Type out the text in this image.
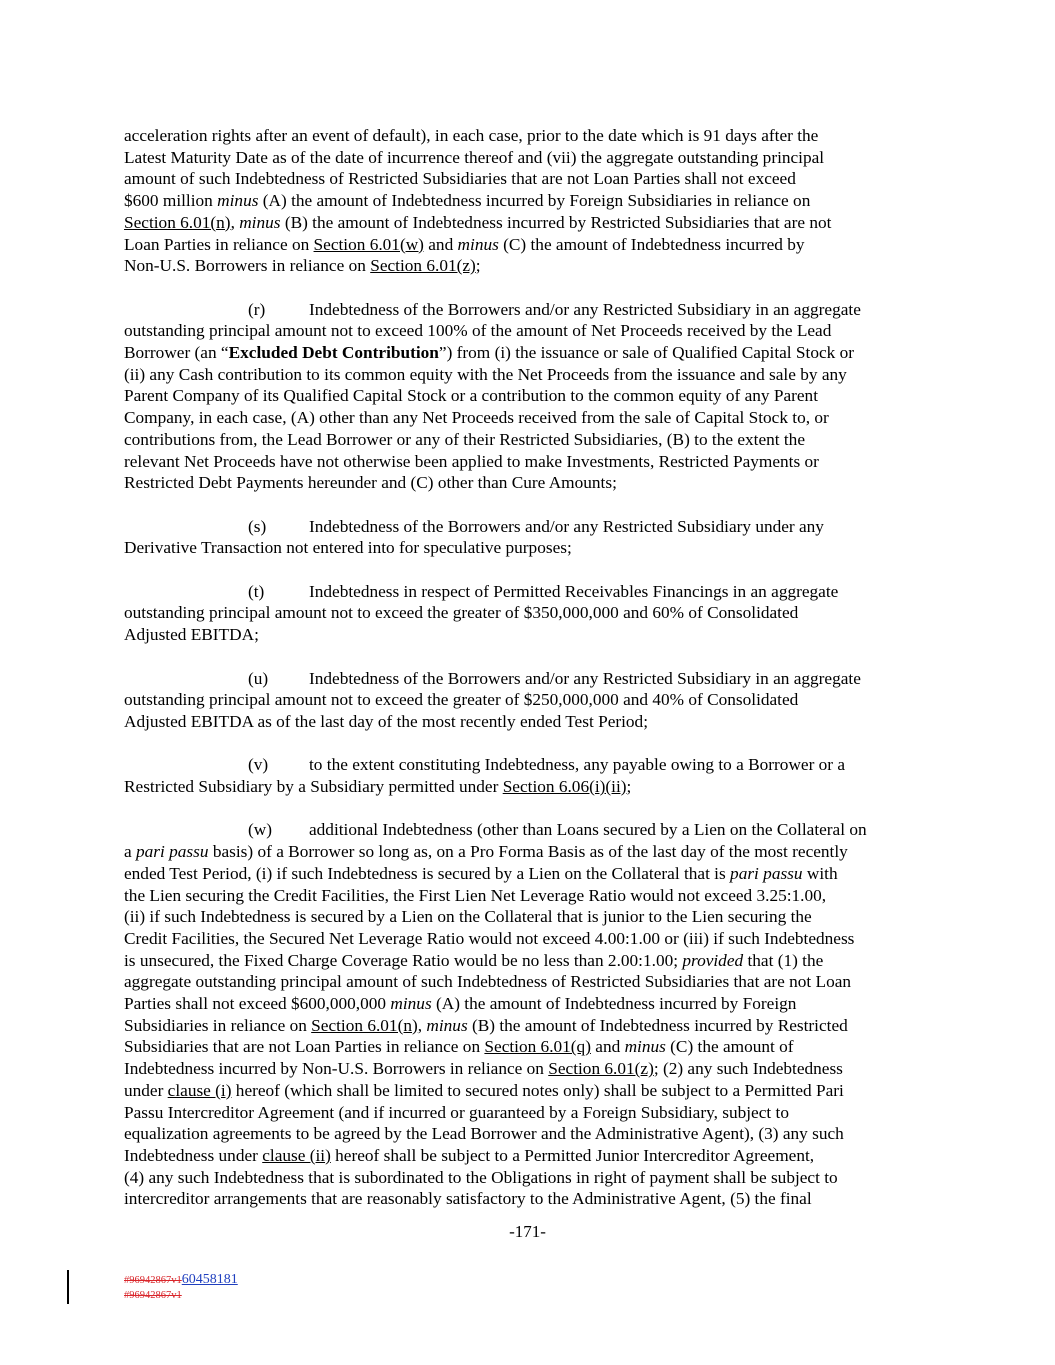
acceleration rights after an event of default), in each case, prior to the date which is 91 days after the

Latest Maturity Date as of the date of incurrence thereof and (vii) the aggregate outstanding principal

amount of such Indebtedness of Restricted Subsidiaries that are not Loan Parties shall not exceed

$600 million minus (A) the amount of Indebtedness incurred by Foreign Subsidiaries in reliance on

Section 6.01(n), minus (B) the amount of Indebtedness incurred by Restricted Subsidiaries that are not

Loan Parties in reliance on Section 6.01(w) and minus (C) the amount of Indebtedness incurred by

Non-U.S. Borrowers in reliance on Section 6.01(z);

(r)	Indebtedness of the Borrowers and/or any Restricted Subsidiary in an aggregate

outstanding principal amount not to exceed 100% of the amount of Net Proceeds received by the Lead

Borrower (an “Excluded Debt Contribution”) from (i) the issuance or sale of Qualified Capital Stock or

(ii) any Cash contribution to its common equity with the Net Proceeds from the issuance and sale by any

Parent Company of its Qualified Capital Stock or a contribution to the common equity of any Parent

Company, in each case, (A) other than any Net Proceeds received from the sale of Capital Stock to, or

contributions from, the Lead Borrower or any of their Restricted Subsidiaries, (B) to the extent the

relevant Net Proceeds have not otherwise been applied to make Investments, Restricted Payments or

Restricted Debt Payments hereunder and (C) other than Cure Amounts;

(s) Indebtedness of the Borrowers and/or any Restricted Subsidiary under any

Derivative Transaction not entered into for speculative purposes;

(t)	Indebtedness in respect of Permitted Receivables Financings in an aggregate

outstanding principal amount not to exceed the greater of $350,000,000 and 60% of Consolidated

Adjusted EBITDA;

(u) Indebtedness of the Borrowers and/or any Restricted Subsidiary in an aggregate

outstanding principal amount not to exceed the greater of $250,000,000 and 40% of Consolidated

Adjusted EBITDA as of the last day of the most recently ended Test Period;

(v) to the extent constituting Indebtedness, any payable owing to a Borrower or a

Restricted Subsidiary by a Subsidiary permitted under Section 6.06(i)(ii);

(w) additional Indebtedness (other than Loans secured by a Lien on the Collateral on

a pari passu basis) of a Borrower so long as, on a Pro Forma Basis as of the last day of the most recently

ended Test Period, (i) if such Indebtedness is secured by a Lien on the Collateral that is pari passu with

the Lien securing the Credit Facilities, the First Lien Net Leverage Ratio would not exceed 3.25:1.00,

(ii) if such Indebtedness is secured by a Lien on the Collateral that is junior to the Lien securing the

Credit Facilities, the Secured Net Leverage Ratio would not exceed 4.00:1.00 or (iii) if such Indebtedness

is unsecured, the Fixed Charge Coverage Ratio would be no less than 2.00:1.00; provided that (1) the

aggregate outstanding principal amount of such Indebtedness of Restricted Subsidiaries that are not Loan

Parties shall not exceed $600,000,000 minus (A) the amount of Indebtedness incurred by Foreign

Subsidiaries in reliance on Section 6.01(n), minus (B) the amount of Indebtedness incurred by Restricted

Subsidiaries that are not Loan Parties in reliance on Section 6.01(q) and minus (C) the amount of

Indebtedness incurred by Non-U.S. Borrowers in reliance on Section 6.01(z); (2) any such Indebtedness

under clause (i) hereof (which shall be limited to secured notes only) shall be subject to a Permitted Pari

Passu Intercreditor Agreement (and if incurred or guaranteed by a Foreign Subsidiary, subject to

equalization agreements to be agreed by the Lead Borrower and the Administrative Agent), (3) any such

Indebtedness under clause (ii) hereof shall be subject to a Permitted Junior Intercreditor Agreement,

(4) any such Indebtedness that is subordinated to the Obligations in right of payment shall be subject to

intercreditor arrangements that are reasonably satisfactory to the Administrative Agent, (5) the final

-171-
#96942867v160458181
#96942867v1
